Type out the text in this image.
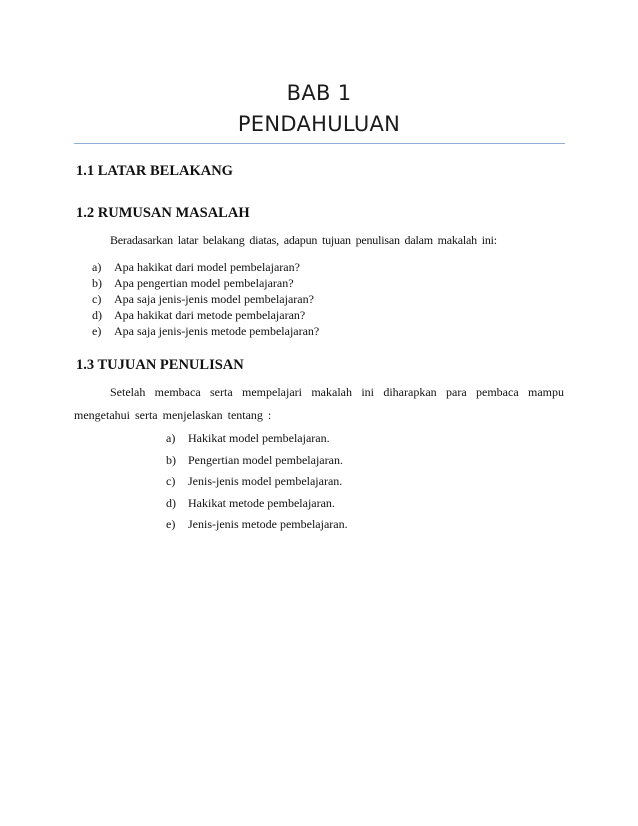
BAB 1
PENDAHULUAN
1.1 LATAR BELAKANG
1.2 RUMUSAN MASALAH
Beradasarkan latar belakang diatas, adapun tujuan penulisan dalam makalah ini:
a) Apa hakikat dari model pembelajaran?
b) Apa pengertian model pembelajaran?
c) Apa saja jenis-jenis model pembelajaran?
d) Apa hakikat dari metode pembelajaran?
e) Apa saja jenis-jenis metode pembelajaran?
1.3 TUJUAN PENULISAN
Setelah membaca serta mempelajari makalah ini diharapkan para pembaca mampu
mengetahui serta menjelaskan tentang :
a) Hakikat model pembelajaran.
b) Pengertian model pembelajaran.
c) Jenis-jenis model pembelajaran.
d) Hakikat metode pembelajaran.
e) Jenis-jenis metode pembelajaran.
